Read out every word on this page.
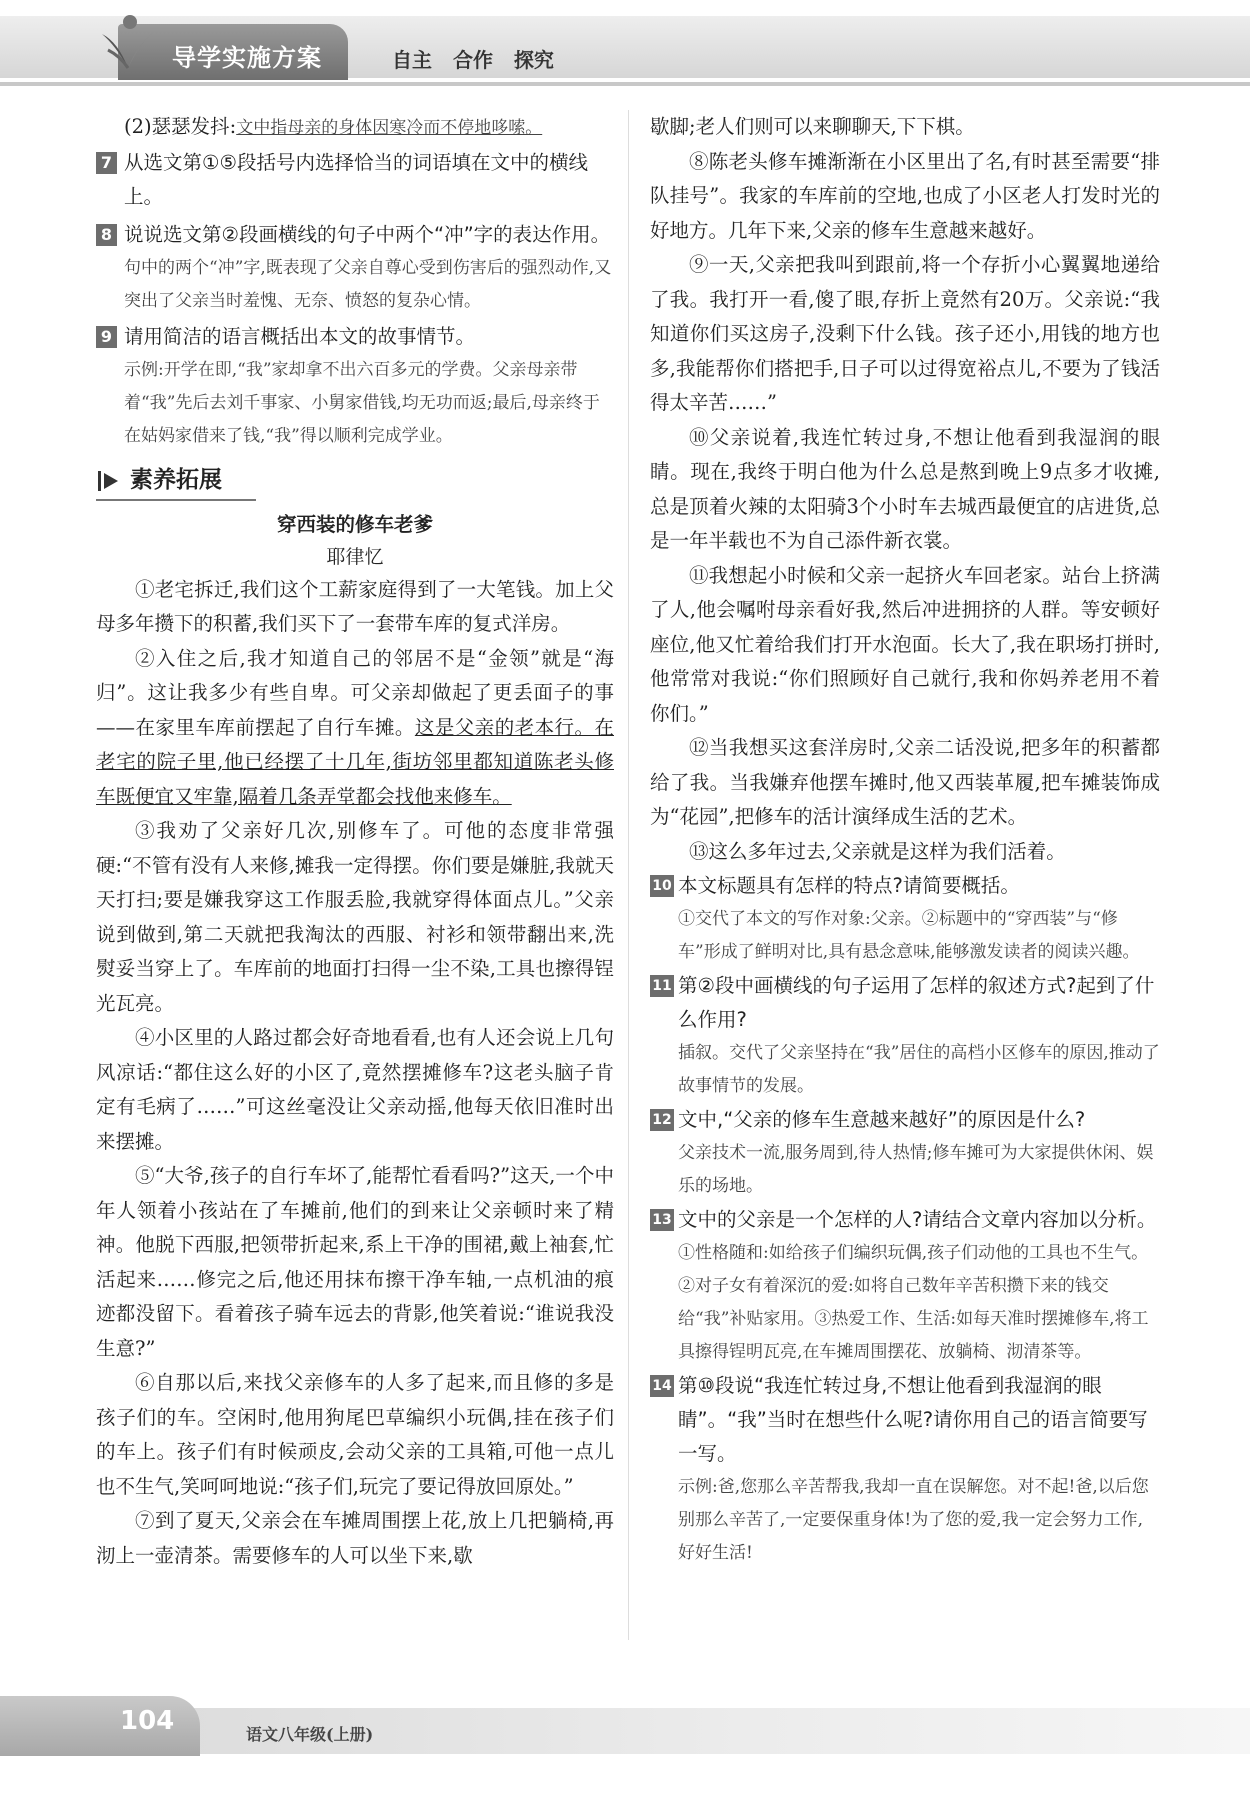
导学实施方案	自主 合作 探究

(2)瑟瑟发抖:文中指母亲的身体因寒冷而不停地哆嗦。

7 从选文第①⑤段括号内选择恰当的词语填在文中的横线上。

8 说说选文第②段画横线的句子中两个“冲”字的表达作用。

句中的两个“冲”字,既表现了父亲自尊心受到伤害后的强烈动作,又突出了父亲当时羞愧、无奈、愤怒的复杂心情。

9 请用简洁的语言概括出本文的故事情节。

示例:开学在即,“我”家却拿不出六百多元的学费。父亲母亲带着“我”先后去刘千事家、小舅家借钱,均无功而返;最后,母亲终于在姑妈家借来了钱,“我”得以顺利完成学业。

素养拓展

穿西装的修车老爹

耶律忆

①老宅拆迁,我们这个工薪家庭得到了一大笔钱。加上父母多年攒下的积蓄,我们买下了一套带车库的复式洋房。

②入住之后,我才知道自己的邻居不是“金领”就是“海归”。这让我多少有些自卑。可父亲却做起了更丢面子的事——在家里车库前摆起了自行车摊。这是父亲的老本行。在老宅的院子里,他已经摆了十几年,街坊邻里都知道陈老头修车既便宜又牢靠,隔着几条弄堂都会找他来修车。

③我劝了父亲好几次,别修车了。可他的态度非常强硬:“不管有没有人来修,摊我一定得摆。你们要是嫌脏,我就天天打扫;要是嫌我穿这工作服丢脸,我就穿得体面点儿。”父亲说到做到,第二天就把我淘汰的西服、衬衫和领带翻出来,洗熨妥当穿上了。车库前的地面打扫得一尘不染,工具也擦得锃光瓦亮。

④小区里的人路过都会好奇地看看,也有人还会说上几句风凉话:“都住这么好的小区了,竟然摆摊修车?这老头脑子肯定有毛病了……”可这丝毫没让父亲动摇,他每天依旧准时出来摆摊。

⑤“大爷,孩子的自行车坏了,能帮忙看看吗?”这天,一个中年人领着小孩站在了车摊前,他们的到来让父亲顿时来了精神。他脱下西服,把领带折起来,系上干净的围裙,戴上袖套,忙活起来……修完之后,他还用抹布擦干净车轴,一点机油的痕迹都没留下。看着孩子骑车远去的背影,他笑着说:“谁说我没生意?”

⑥自那以后,来找父亲修车的人多了起来,而且修的多是孩子们的车。空闲时,他用狗尾巴草编织小玩偶,挂在孩子们的车上。孩子们有时候顽皮,会动父亲的工具箱,可他一点儿也不生气,笑呵呵地说:“孩子们,玩完了要记得放回原处。”

⑦到了夏天,父亲会在车摊周围摆上花,放上几把躺椅,再沏上一壶清茶。需要修车的人可以坐下来,歇

歇脚;老人们则可以来聊聊天,下下棋。

⑧陈老头修车摊渐渐在小区里出了名,有时甚至需要“排队挂号”。我家的车库前的空地,也成了小区老人打发时光的好地方。几年下来,父亲的修车生意越来越好。

⑨一天,父亲把我叫到跟前,将一个存折小心翼翼地递给了我。我打开一看,傻了眼,存折上竟然有20万。父亲说:“我知道你们买这房子,没剩下什么钱。孩子还小,用钱的地方也多,我能帮你们搭把手,日子可以过得宽裕点儿,不要为了钱活得太辛苦……”

⑩父亲说着,我连忙转过身,不想让他看到我湿润的眼睛。现在,我终于明白他为什么总是熬到晚上9点多才收摊,总是顶着火辣的太阳骑3个小时车去城西最便宜的店进货,总是一年半载也不为自己添件新衣裳。

⑪我想起小时候和父亲一起挤火车回老家。站台上挤满了人,他会嘱咐母亲看好我,然后冲进拥挤的人群。等安顿好座位,他又忙着给我们打开水泡面。长大了,我在职场打拼时,他常常对我说:“你们照顾好自己就行,我和你妈养老用不着你们。”

⑫当我想买这套洋房时,父亲二话没说,把多年的积蓄都给了我。当我嫌弃他摆车摊时,他又西装革履,把车摊装饰成为“花园”,把修车的活计演绎成生活的艺术。

⑬这么多年过去,父亲就是这样为我们活着。

10 本文标题具有怎样的特点?请简要概括。

①交代了本文的写作对象:父亲。②标题中的“穿西装”与“修车”形成了鲜明对比,具有悬念意味,能够激发读者的阅读兴趣。

11 第②段中画横线的句子运用了怎样的叙述方式?起到了什么作用?

插叙。交代了父亲坚持在“我”居住的高档小区修车的原因,推动了故事情节的发展。

12 文中,“父亲的修车生意越来越好”的原因是什么?

父亲技术一流,服务周到,待人热情;修车摊可为大家提供休闲、娱乐的场地。

13 文中的父亲是一个怎样的人?请结合文章内容加以分析。

①性格随和:如给孩子们编织玩偶,孩子们动他的工具也不生气。②对子女有着深沉的爱:如将自己数年辛苦积攒下来的钱交给“我”补贴家用。③热爱工作、生活:如每天准时摆摊修车,将工具擦得锃明瓦亮,在车摊周围摆花、放躺椅、沏清茶等。

14 第⑩段说“我连忙转过身,不想让他看到我湿润的眼睛”。“我”当时在想些什么呢?请你用自己的语言简要写一写。

示例:爸,您那么辛苦帮我,我却一直在误解您。对不起!爸,以后您别那么辛苦了,一定要保重身体!为了您的爱,我一定会努力工作,好好生活!

104	语文八年级(上册)
